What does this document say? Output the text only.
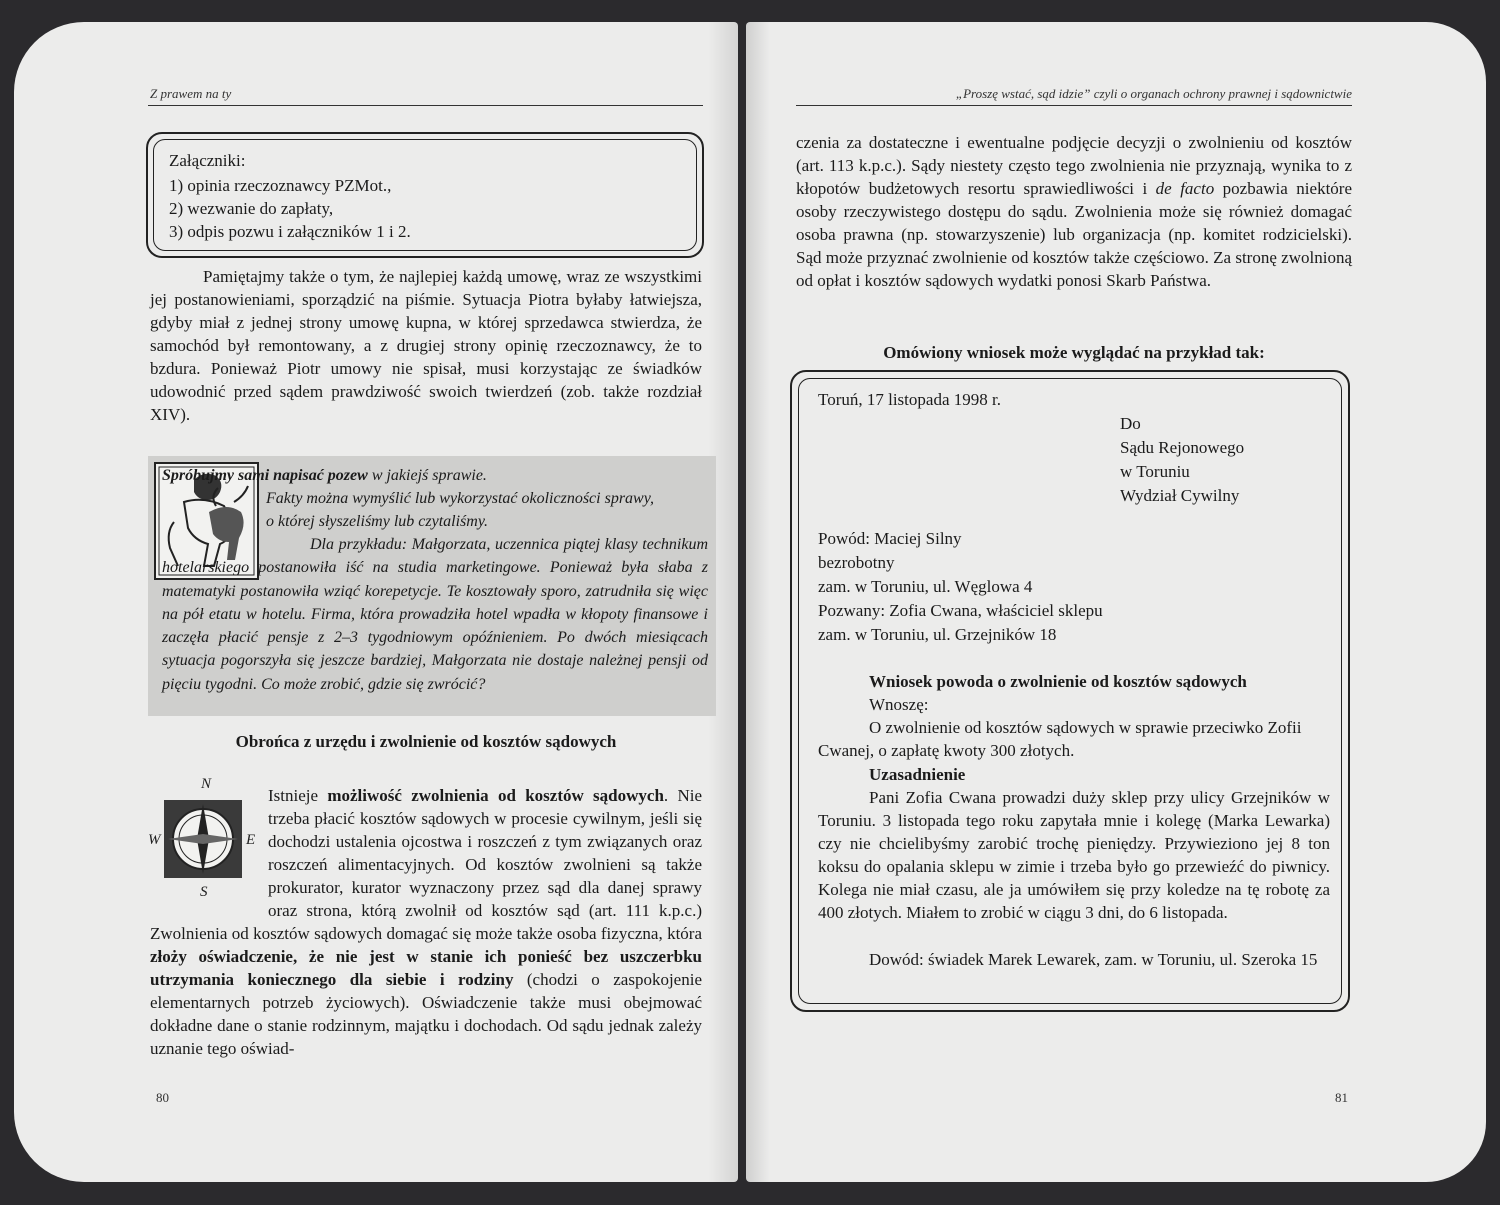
Z prawem na ty
Załączniki:
1) opinia rzeczoznawcy PZMot.,
2) wezwanie do zapłaty,
3) odpis pozwu i załączników 1 i 2.

Pamiętajmy także o tym, że najlepiej każdą umowę, wraz ze wszystkimi jej postanowieniami, sporządzić na piśmie. Sytuacja Piotra byłaby łatwiejsza, gdyby miał z jednej strony umowę kupna, w której sprzedawca stwierdza, że samochód był remontowany, a z drugiej strony opinię rzeczoznawcy, że to bzdura. Ponieważ Piotr umowy nie spisał, musi korzystając ze świadków udowodnić przed sądem prawdziwość swoich twierdzeń (zob. także rozdział XIV).

Spróbujmy sami napisać pozew w jakiejś sprawie.
Fakty można wymyślić lub wykorzystać okoliczności sprawy,
o której słyszeliśmy lub czytaliśmy.

Dla przykładu: Małgorzata, uczennica piątej klasy technikum hotelarskiego postanowiła iść na studia marketingowe. Ponieważ była słaba z matematyki postanowiła wziąć korepetycje. Te kosztowały sporo, zatrudniła się więc na pół etatu w hotelu. Firma, która prowadziła hotel wpadła w kłopoty finansowe i zaczęła płacić pensje z 2–3 tygodniowym opóźnieniem. Po dwóch miesiącach sytuacja pogorszyła się jeszcze bardziej, Małgorzata nie dostaje należnej pensji od pięciu tygodni. Co może zrobić, gdzie się zwrócić?

Obrońca z urzędu i zwolnienie od kosztów sądowych

N
W	E
S
Istnieje możliwość zwolnienia od kosztów sądowych. Nie trzeba płacić kosztów sądowych w procesie cywilnym, jeśli się dochodzi ustalenia ojcostwa i roszczeń z tym związanych oraz roszczeń alimentacyjnych. Od kosztów zwolnieni są także prokurator, kurator wyznaczony przez sąd dla danej sprawy oraz strona, którą zwolnił od kosztów sąd (art. 111 k.p.c.) Zwolnienia od kosztów sądowych domagać się może także osoba fizyczna, która złoży oświadczenie, że nie jest w stanie ich ponieść bez uszczerbku utrzymania koniecznego dla siebie i rodziny (chodzi o zaspokojenie elementarnych potrzeb życiowych). Oświadczenie także musi obejmować dokładne dane o stanie rodzinnym, majątku i dochodach. Od sądu jednak zależy uznanie tego oświad-
80
„Proszę wstać, sąd idzie” czyli o organach ochrony prawnej i sądownictwie

czenia za dostateczne i ewentualne podjęcie decyzji o zwolnieniu od kosztów (art. 113 k.p.c.). Sądy niestety często tego zwolnienia nie przyznają, wynika to z kłopotów budżetowych resortu sprawiedliwości i de facto pozbawia niektóre osoby rzeczywistego dostępu do sądu. Zwolnienia może się również domagać osoba prawna (np. stowarzyszenie) lub organizacja (np. komitet rodzicielski). Sąd może przyznać zwolnienie od kosztów także częściowo. Za stronę zwolnioną od opłat i kosztów sądowych wydatki ponosi Skarb Państwa.

Omówiony wniosek może wyglądać na przykład tak:

Toruń, 17 listopada 1998 r.
Do
Sądu Rejonowego
w Toruniu
Wydział Cywilny
Powód: Maciej Silny
bezrobotny
zam. w Toruniu, ul. Węglowa 4
Pozwany: Zofia Cwana, właściciel sklepu
zam. w Toruniu, ul. Grzejników 18
Wniosek powoda o zwolnienie od kosztów sądowych
Wnoszę:

O zwolnienie od kosztów sądowych w sprawie przeciwko Zofii Cwanej, o zapłatę kwoty 300 złotych.

Uzasadnienie

Pani Zofia Cwana prowadzi duży sklep przy ulicy Grzejników w Toruniu. 3 listopada tego roku zapytała mnie i kolegę (Marka Lewarka) czy nie chcielibyśmy zarobić trochę pieniędzy. Przywieziono jej 8 ton koksu do opalania sklepu w zimie i trzeba było go przewieźć do piwnicy. Kolega nie miał czasu, ale ja umówiłem się przy koledze na tę robotę za 400 złotych. Miałem to zrobić w ciągu 3 dni, do 6 listopada.

Dowód: świadek Marek Lewarek, zam. w Toruniu, ul. Szeroka 15

81
